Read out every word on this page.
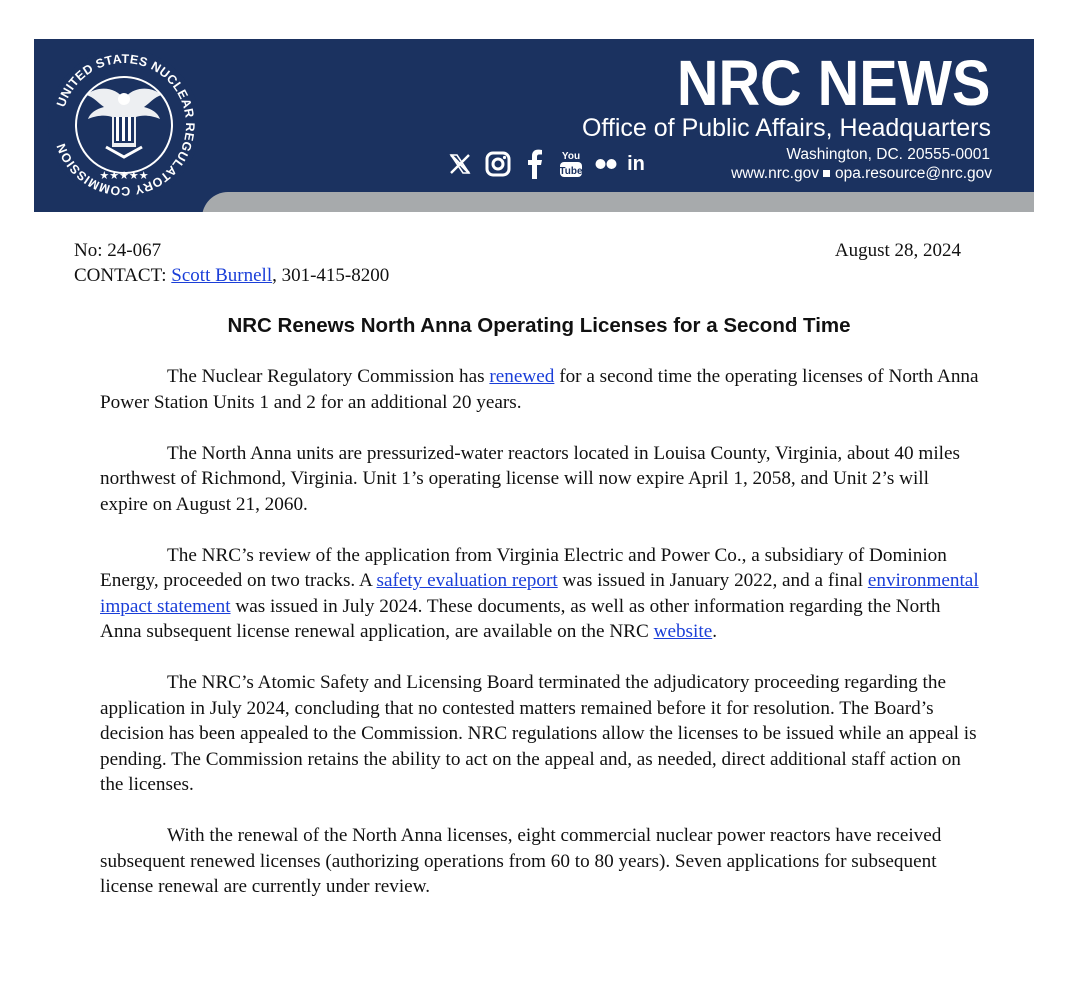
UNITED STATES NUCLEAR REGULATORY COMMISSION
★★★★★
NRC NEWS
Office of Public Affairs, Headquarters
Washington, DC. 20555-0001
www.nrc.gov opa.resource@nrc.gov
You
Tube in
No: 24-067	August 28, 2024
CONTACT: Scott Burnell, 301-415-8200
NRC Renews North Anna Operating Licenses for a Second Time

The Nuclear Regulatory Commission has renewed for a second time the operating licenses of North Anna Power Station Units 1 and 2 for an additional 20 years.

The North Anna units are pressurized-water reactors located in Louisa County, Virginia, about 40 miles northwest of Richmond, Virginia. Unit 1’s operating license will now expire April 1, 2058, and Unit 2’s will expire on August 21, 2060.

The NRC’s review of the application from Virginia Electric and Power Co., a subsidiary of Dominion Energy, proceeded on two tracks. A safety evaluation report was issued in January 2022, and a final environmental impact statement was issued in July 2024. These documents, as well as other information regarding the North Anna subsequent license renewal application, are available on the NRC website.

The NRC’s Atomic Safety and Licensing Board terminated the adjudicatory proceeding regarding the application in July 2024, concluding that no contested matters remained before it for resolution. The Board’s decision has been appealed to the Commission. NRC regulations allow the licenses to be issued while an appeal is pending. The Commission retains the ability to act on the appeal and, as needed, direct additional staff action on the licenses.

With the renewal of the North Anna licenses, eight commercial nuclear power reactors have received subsequent renewed licenses (authorizing operations from 60 to 80 years). Seven applications for subsequent license renewal are currently under review.
